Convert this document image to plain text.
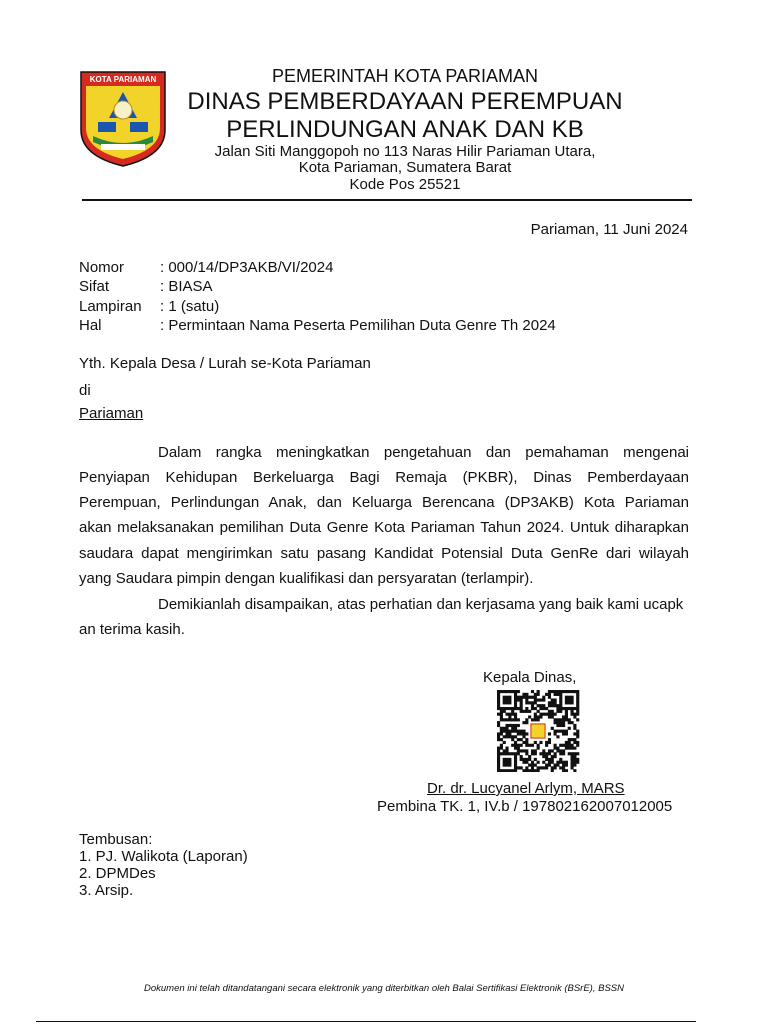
KOTA PARIAMAN	PEMERINTAH KOTA PARIAMAN
DINAS PEMBERDAYAAN PEREMPUAN
PERLINDUNGAN ANAK DAN KB
Jalan Siti Manggopoh no 113 Naras Hilir Pariaman Utara,
Kota Pariaman, Sumatera Barat
Kode Pos 25521
Pariaman, 11 Juni 2024
Nomor : 000/14/DP3AKB/VI/2024
Sifat	: BIASA
Lampiran : 1 (satu)
Hal	: Permintaan Nama Peserta Pemilihan Duta Genre Th 2024
Yth. Kepala Desa / Lurah se-Kota Pariaman
di
Pariaman
Dalam rangka meningkatkan pengetahuan dan pemahaman mengenai
Penyiapan Kehidupan Berkeluarga Bagi Remaja (PKBR), Dinas Pemberdayaan
Perempuan, Perlindungan Anak, dan Keluarga Berencana (DP3AKB) Kota Pariaman
akan melaksanakan pemilihan Duta Genre Kota Pariaman Tahun 2024. Untuk diharapkan
saudara dapat mengirimkan satu pasang Kandidat Potensial Duta GenRe dari wilayah
yang Saudara pimpin dengan kualifikasi dan persyaratan (terlampir).
Demikianlah disampaikan, atas perhatian dan kerjasama yang baik kami ucapk
an terima kasih.
Kepala Dinas,
Dr. dr. Lucyanel Arlym, MARS
Pembina TK. 1, IV.b / 197802162007012005
Tembusan:
1. PJ. Walikota (Laporan)
2. DPMDes
3. Arsip.
Dokumen ini telah ditandatangani secara elektronik yang diterbitkan oleh Balai Sertifikasi Elektronik (BSrE), BSSN
